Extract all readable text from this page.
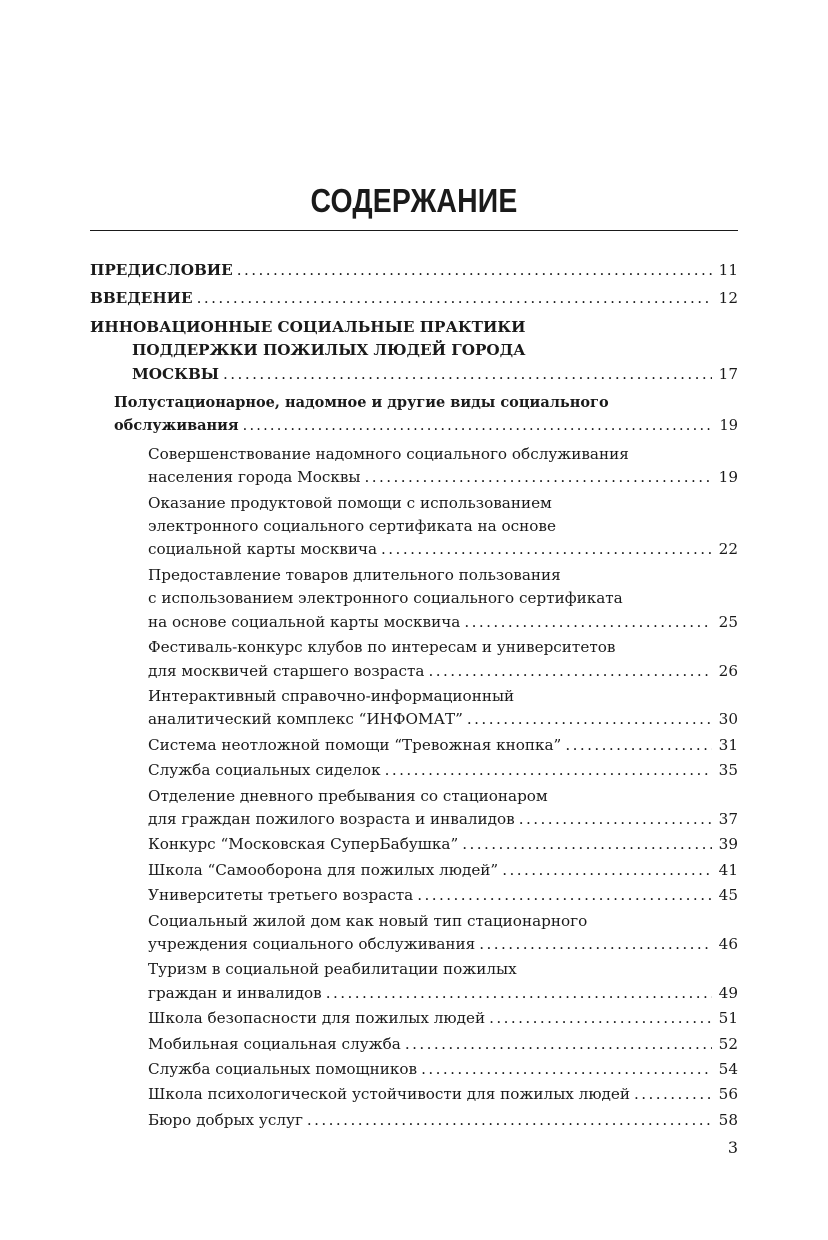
СОДЕРЖАНИЕ
ПРЕДИСЛОВИЕ . . .	11
ВВЕДЕНИЕ . . .	12
ИННОВАЦИОННЫЕ СОЦИАЛЬНЫЕ ПРАКТИКИ
ПОДДЕРЖКИ ПОЖИЛЫХ ЛЮДЕЙ ГОРОДА
МОСКВЫ . . .	17
Полустационарное, надомное и другие виды социального
обслуживания . . .	19
Совершенствование надомного социального обслуживания
населения города Москвы . . .	19
Оказание продуктовой помощи с использованием
электронного социального сертификата на основе
социальной карты москвича . . .	22
Предоставление товаров длительного пользования
с использованием электронного социального сертификата
на основе социальной карты москвича . . .	25
Фестиваль-конкурс клубов по интересам и университетов
для москвичей старшего возраста . . .	26
Интерактивный справочно-информационный
аналитический комплекс “ИНФОМАТ” . . .	30
Система неотложной помощи “Тревожная кнопка” . . .	31
Служба социальных сиделок . . .	35
Отделение дневного пребывания со стационаром
для граждан пожилого возраста и инвалидов . . .	37
Конкурс “Московская СуперБабушка” . . .	39
Школа “Самооборона для пожилых людей” . . .	41
Университеты третьего возраста . . .	45
Социальный жилой дом как новый тип стационарного
учреждения социального обслуживания . . .	46
Туризм в социальной реабилитации пожилых
граждан и инвалидов . . .	49
Школа безопасности для пожилых людей . . .	51
Мобильная социальная служба . . .	52
Служба социальных помощников . . .	54
Школа психологической устойчивости для пожилых людей . . .	56
Бюро добрых услуг . . .	58
3
